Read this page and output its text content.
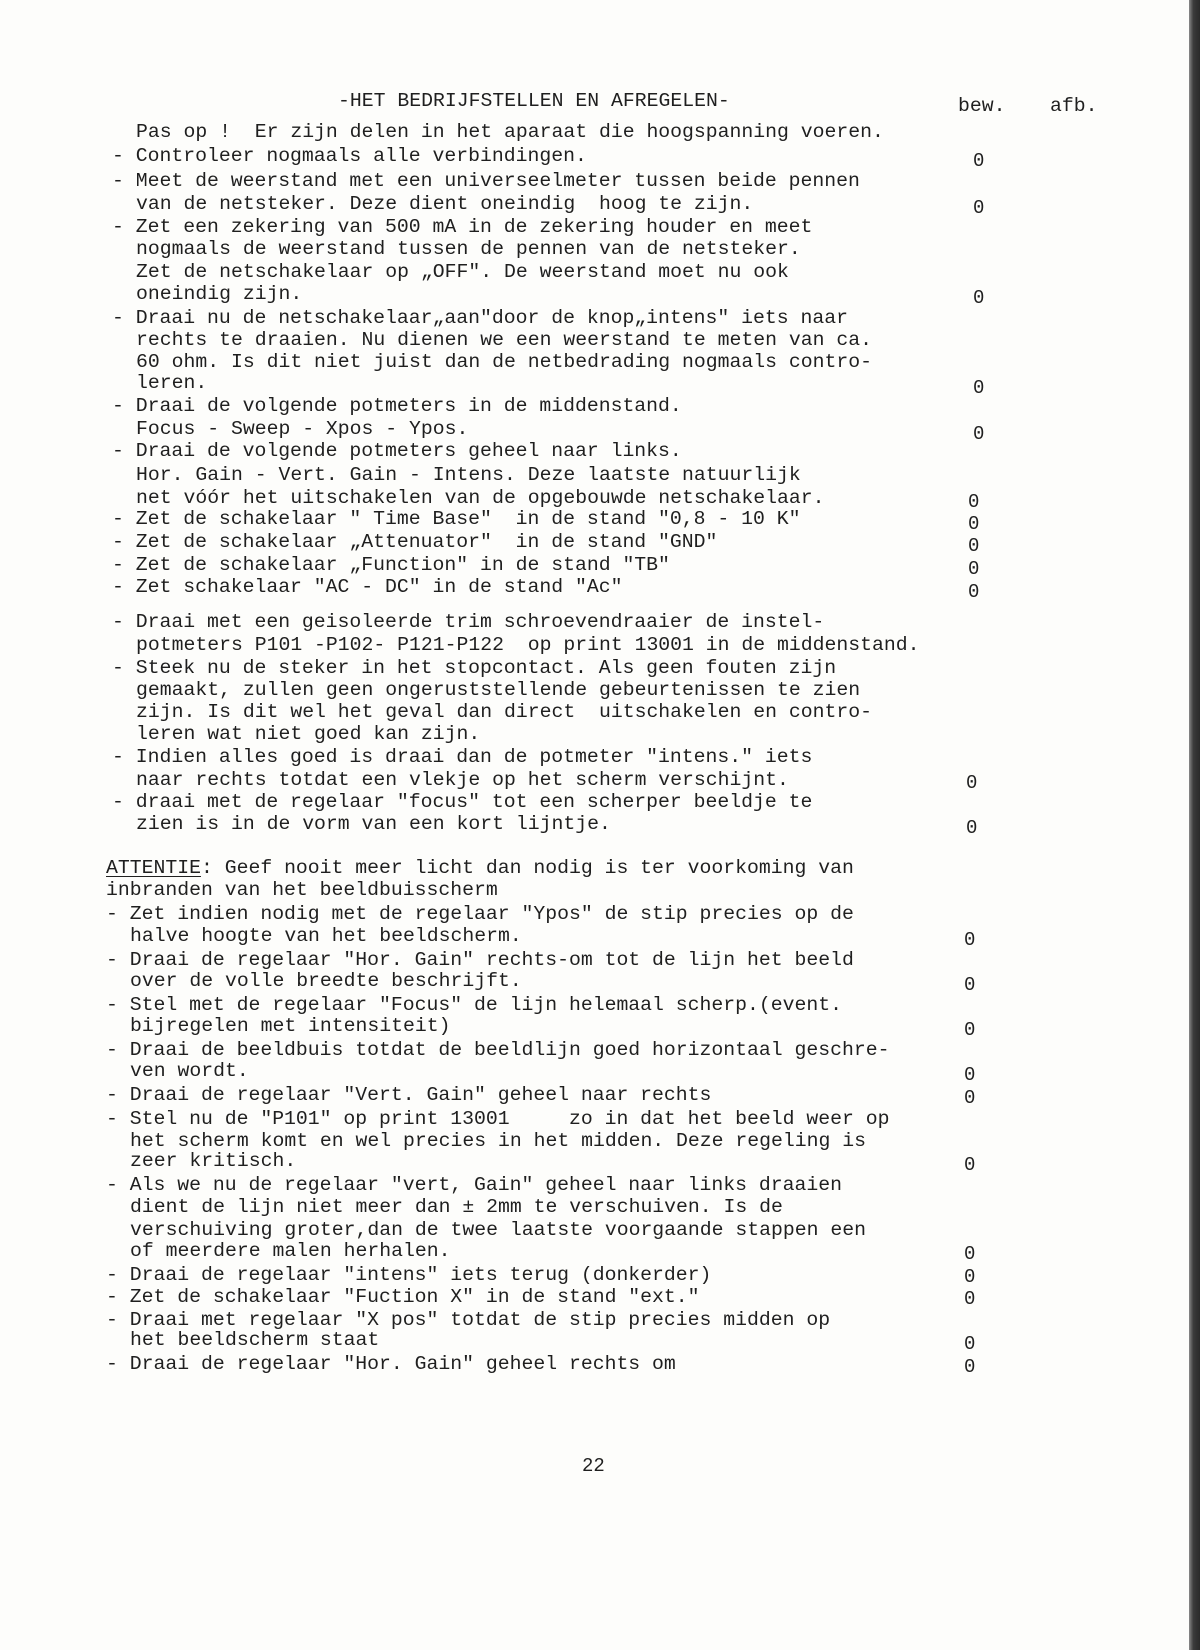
-HET BEDRIJFSTELLEN EN AFREGELEN-	bew. afb.
Pas op !  Er zijn delen in het aparaat die hoogspanning voeren.
- Controleer nogmaals alle verbindingen.
- Meet de weerstand met een universeelmeter tussen beide pennen
van de netsteker. Deze dient oneindig  hoog te zijn.
- Zet een zekering van 500 mA in de zekering houder en meet
nogmaals de weerstand tussen de pennen van de netsteker.
Zet de netschakelaar op „OFF". De weerstand moet nu ook
oneindig zijn.
- Draai nu de netschakelaar„aan"door de knop„intens" iets naar
rechts te draaien. Nu dienen we een weerstand te meten van ca.
60 ohm. Is dit niet juist dan de netbedrading nogmaals contro-
leren.
- Draai de volgende potmeters in de middenstand.
Focus - Sweep - Xpos - Ypos.
- Draai de volgende potmeters geheel naar links.
Hor. Gain - Vert. Gain - Intens. Deze laatste natuurlijk
net vóór het uitschakelen van de opgebouwde netschakelaar.
- Zet de schakelaar " Time Base"  in de stand "0,8 - 10 K"
- Zet de schakelaar „Attenuator"  in de stand "GND"
- Zet de schakelaar „Function" in de stand "TB"
- Zet schakelaar "AC - DC" in de stand "Ac"
- Draai met een geisoleerde trim schroevendraaier de instel-
potmeters P101 -P102- P121-P122  op print 13001 in de middenstand.
- Steek nu de steker in het stopcontact. Als geen fouten zijn
gemaakt, zullen geen ongeruststellende gebeurtenissen te zien
zijn. Is dit wel het geval dan direct  uitschakelen en contro-
leren wat niet goed kan zijn.
- Indien alles goed is draai dan de potmeter "intens." iets
naar rechts totdat een vlekje op het scherm verschijnt.
- draai met de regelaar "focus" tot een scherper beeldje te
zien is in de vorm van een kort lijntje.
ATTENTIE: Geef nooit meer licht dan nodig is ter voorkoming van
inbranden van het beeldbuisscherm
- Zet indien nodig met de regelaar "Ypos" de stip precies op de
halve hoogte van het beeldscherm.
- Draai de regelaar "Hor. Gain" rechts-om tot de lijn het beeld
over de volle breedte beschrijft.
- Stel met de regelaar "Focus" de lijn helemaal scherp.(event.
bijregelen met intensiteit)
- Draai de beeldbuis totdat de beeldlijn goed horizontaal geschre-
ven wordt.
- Draai de regelaar "Vert. Gain" geheel naar rechts
- Stel nu de "P101" op print 13001     zo in dat het beeld weer op
het scherm komt en wel precies in het midden. Deze regeling is
zeer kritisch.
- Als we nu de regelaar "vert, Gain" geheel naar links draaien
dient de lijn niet meer dan ± 2mm te verschuiven. Is de
verschuiving groter,dan de twee laatste voorgaande stappen een
of meerdere malen herhalen.
- Draai de regelaar "intens" iets terug (donkerder)
- Zet de schakelaar "Fuction X" in de stand "ext."
- Draai met regelaar "X pos" totdat de stip precies midden op
het beeldscherm staat
- Draai de regelaar "Hor. Gain" geheel rechts om
0
0
0
0
0
0
0
0
0
0
0
0
0
0
0
0
0
0
0
0
0
0
0
22
